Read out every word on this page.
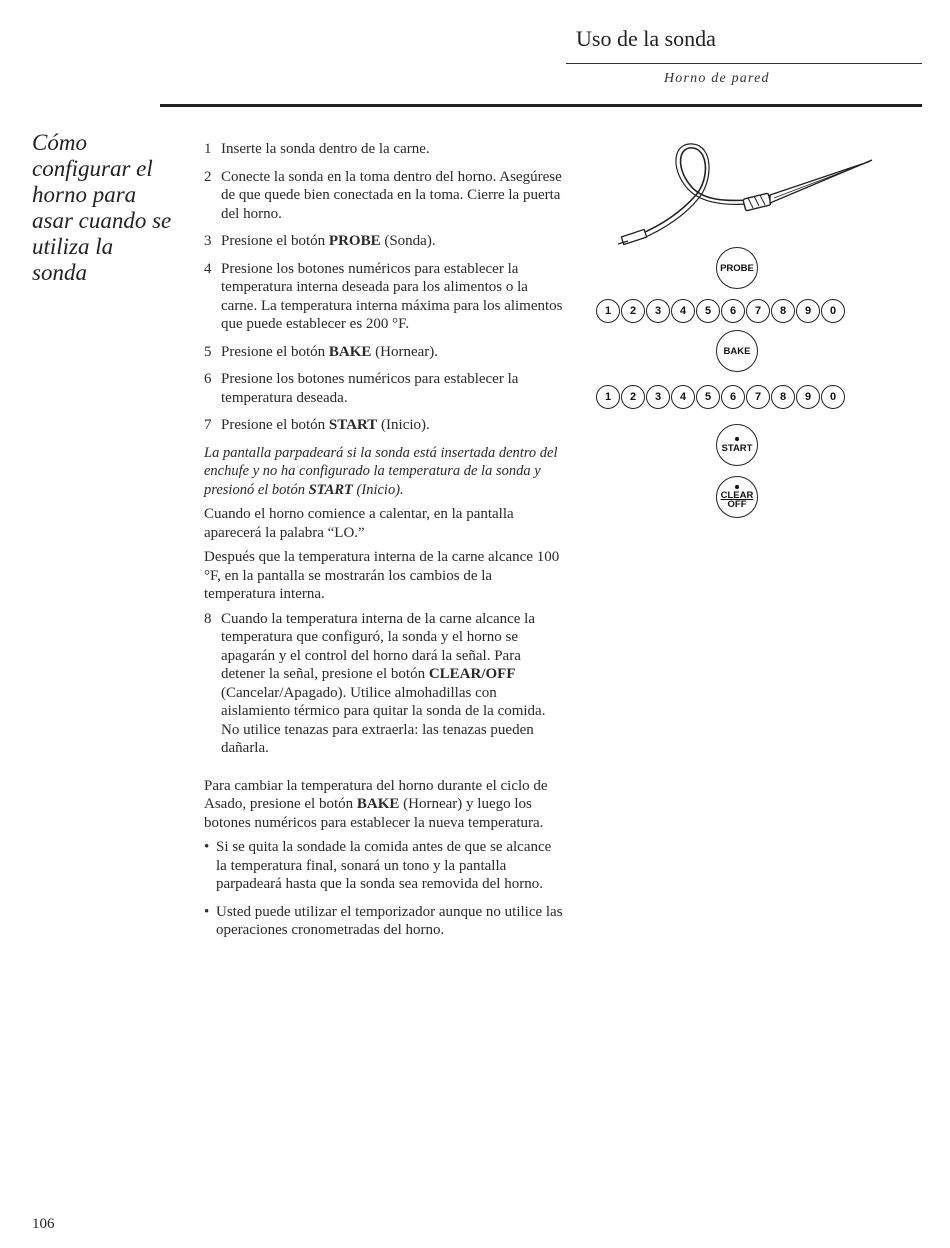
Uso de la sonda
Horno de pared
Cómo configurar el horno para asar cuando se utiliza la sonda
1 Inserte la sonda dentro de la carne.
2 Conecte la sonda en la toma dentro del horno. Asegúrese de que quede bien conectada en la toma. Cierre la puerta del horno.
3 Presione el botón PROBE (Sonda).
4 Presione los botones numéricos para establecer la temperatura interna deseada para los alimentos o la carne. La temperatura interna máxima para los alimentos que puede establecer es 200 °F.
5 Presione el botón BAKE (Hornear).
6 Presione los botones numéricos para establecer la temperatura deseada.
7 Presione el botón START (Inicio).
La pantalla parpadeará si la sonda está insertada dentro del enchufe y no ha configurado la temperatura de la sonda y presionó el botón START (Inicio).
Cuando el horno comience a calentar, en la pantalla aparecerá la palabra “LO.”
Después que la temperatura interna de la carne alcance 100 °F, en la pantalla se mostrarán los cambios de la temperatura interna.
8 Cuando la temperatura interna de la carne alcance la temperatura que configuró, la sonda y el horno se apagarán y el control del horno dará la señal. Para detener la señal, presione el botón CLEAR/OFF (Cancelar/Apagado). Utilice almohadillas con aislamiento térmico para quitar la sonda de la comida. No utilice tenazas para extraerla: las tenazas pueden dañarla.
Para cambiar la temperatura del horno durante el ciclo de Asado, presione el botón BAKE (Hornear) y luego los botones numéricos para establecer la nueva temperatura.
• Si se quita la sondade la comida antes de que se alcance la temperatura final, sonará un tono y la pantalla parpadeará hasta que la sonda sea removida del horno.
• Usted puede utilizar el temporizador aunque no utilice las operaciones cronometradas del horno.
PROBE
1	2	3	4	5	6	7	8	9	0
BAKE
1	2	3	4	5	6	7	8	9	0
START
CLEAR
OFF
106
